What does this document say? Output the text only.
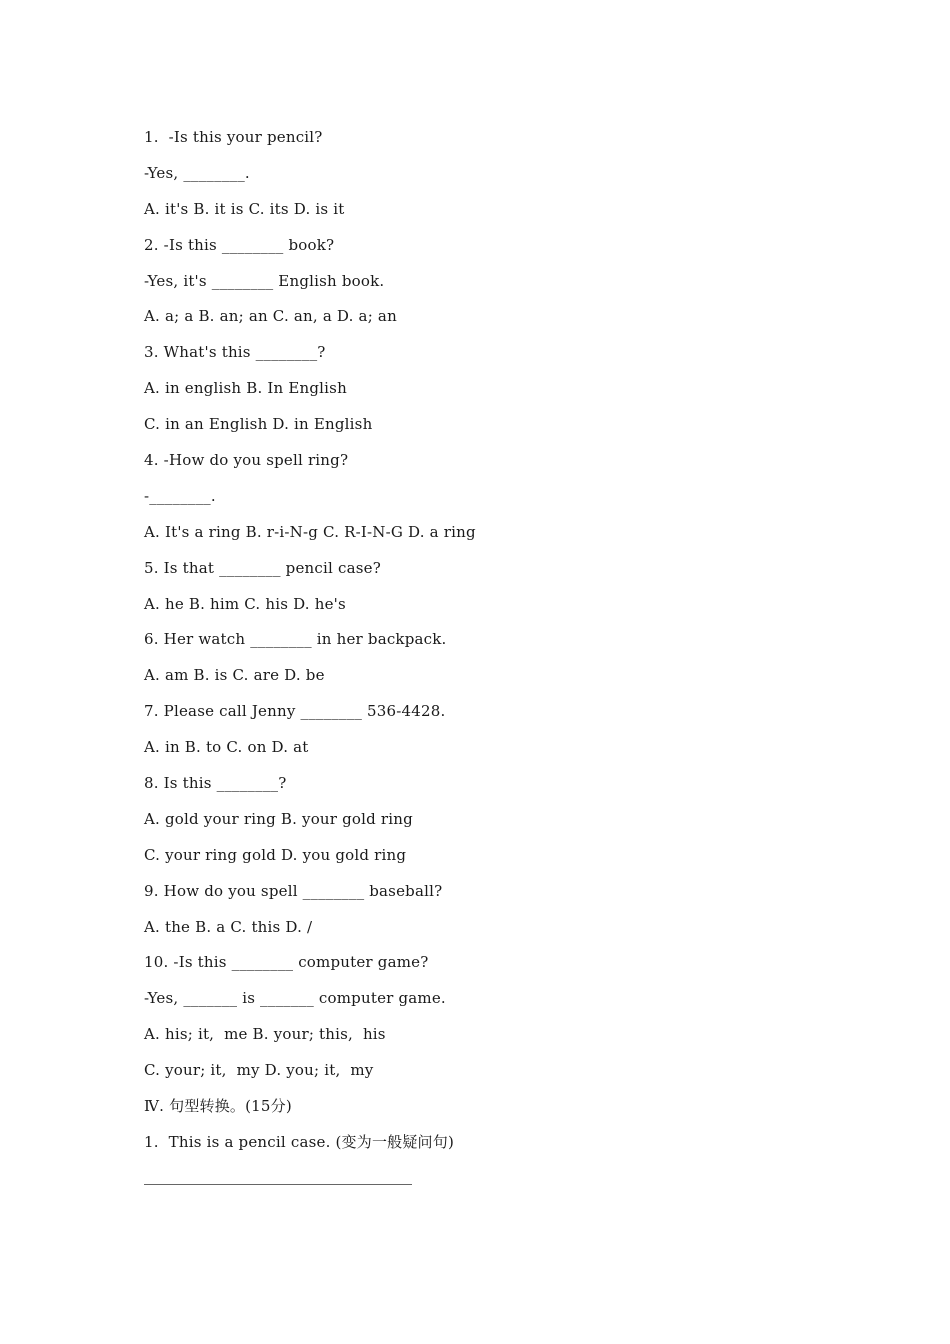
1.  -Is this your pencil?
-Yes, ________.
A. it's B. it is C. its D. is it
2. -Is this ________ book?
-Yes, it's ________ English book.
A. a; a B. an; an C. an, a D. a; an
3. What's this ________?
A. in english B. In English
C. in an English D. in English
4. -How do you spell ring?
-________.
A. It's a ring B. r-i-N-g C. R-I-N-G D. a ring
5. Is that ________ pencil case?
A. he B. him C. his D. he's
6. Her watch ________ in her backpack.
A. am B. is C. are D. be
7. Please call Jenny ________ 536-4428.
A. in B. to C. on D. at
8. Is this ________?
A. gold your ring B. your gold ring
C. your ring gold D. you gold ring
9. How do you spell ________ baseball?
A. the B. a C. this D. /
10. -Is this ________ computer game?
-Yes, _______ is _______ computer game.
A. his; it,  me B. your; this,  his
C. your; it,  my D. you; it,  my
Ⅳ. 句型转换。(15分)
1.  This is a pencil case. (变为一般疑问句)
